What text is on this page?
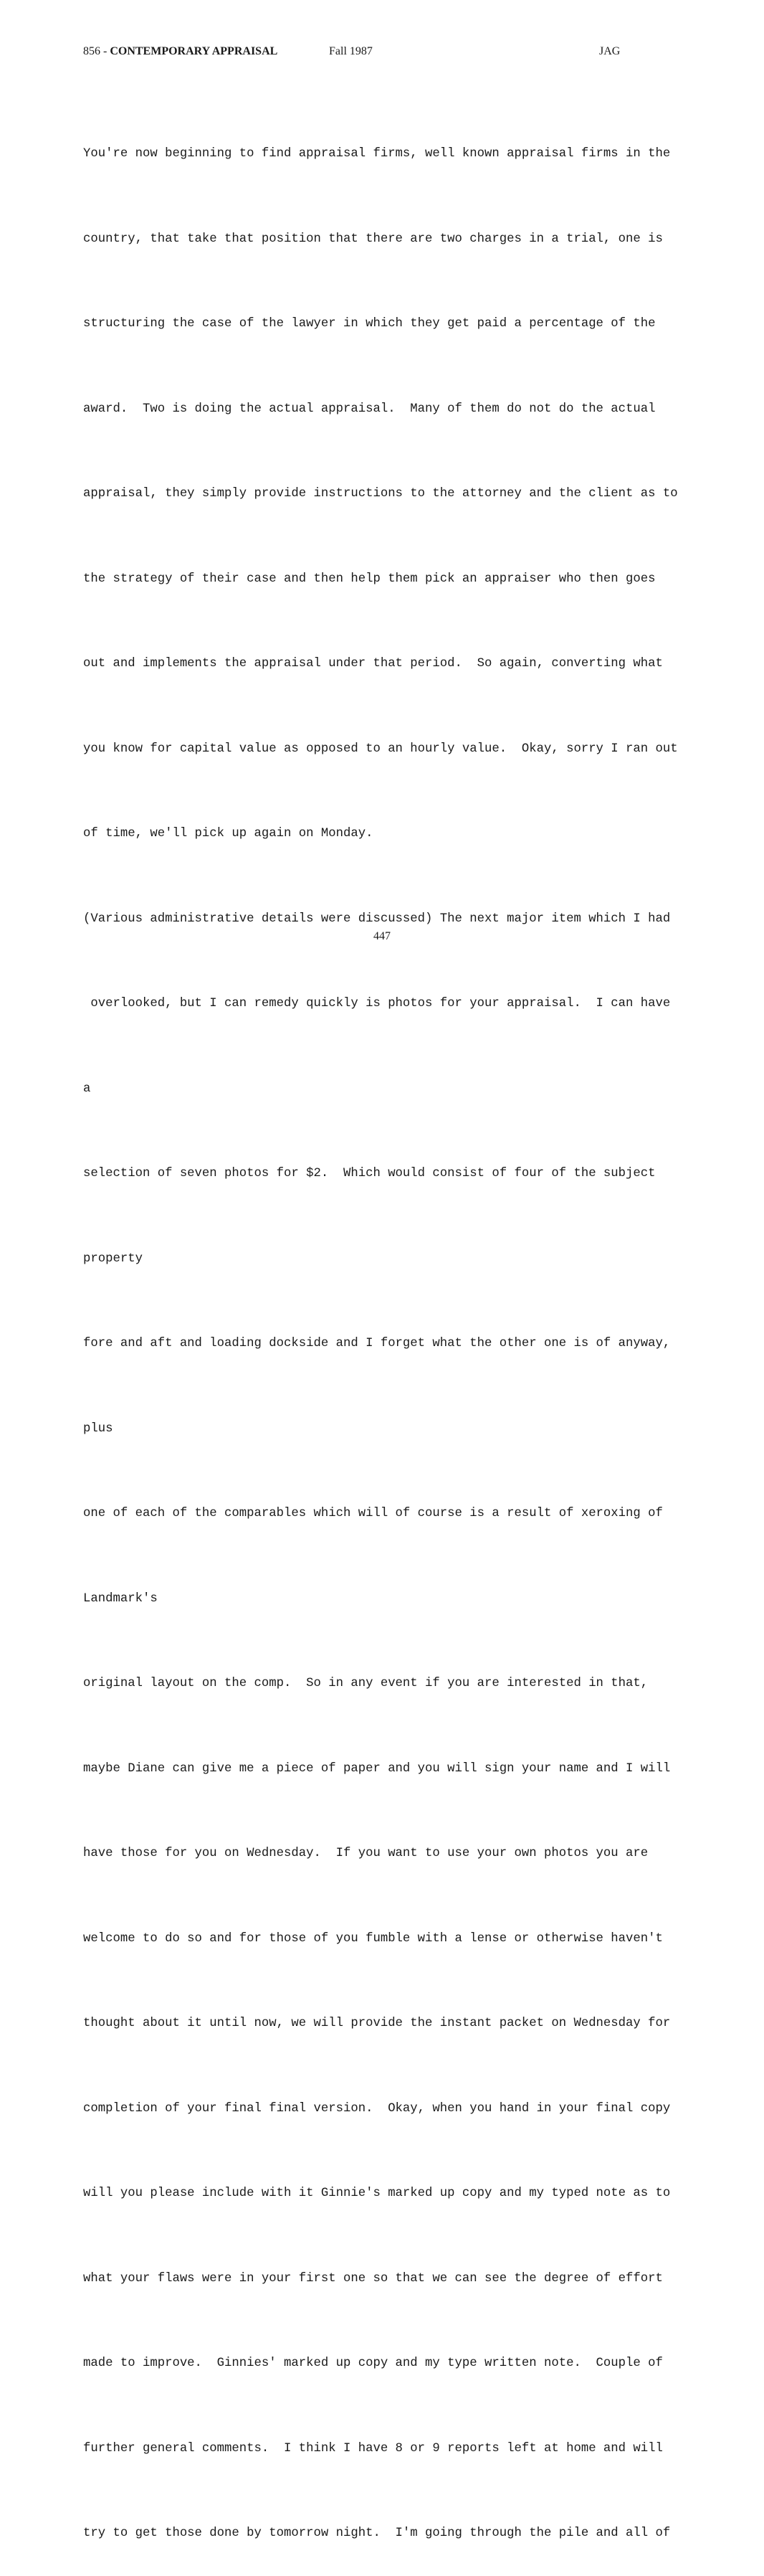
856 - CONTEMPORARY APPRAISAL	Fall 1987	JAG

You're now beginning to find appraisal firms, well known appraisal firms in the

country, that take that position that there are two charges in a trial, one is

structuring the case of the lawyer in which they get paid a percentage of the

award.  Two is doing the actual appraisal.  Many of them do not do the actual

appraisal, they simply provide instructions to the attorney and the client as to

the strategy of their case and then help them pick an appraiser who then goes

out and implements the appraisal under that period.  So again, converting what

you know for capital value as opposed to an hourly value.  Okay, sorry I ran out

of time, we'll pick up again on Monday.

(Various administrative details were discussed) The next major item which I had

overlooked, but I can remedy quickly is photos for your appraisal.  I can have

a

selection of seven photos for $2.  Which would consist of four of the subject

property

fore and aft and loading dockside and I forget what the other one is of anyway,

plus

one of each of the comparables which will of course is a result of xeroxing of

Landmark's

original layout on the comp.  So in any event if you are interested in that,

maybe Diane can give me a piece of paper and you will sign your name and I will

have those for you on Wednesday.  If you want to use your own photos you are

welcome to do so and for those of you fumble with a lense or otherwise haven't

thought about it until now, we will provide the instant packet on Wednesday for

completion of your final final version.  Okay, when you hand in your final copy

will you please include with it Ginnie's marked up copy and my typed note as to

what your flaws were in your first one so that we can see the degree of effort

made to improve.  Ginnies' marked up copy and my type written note.  Couple of

further general comments.  I think I have 8 or 9 reports left at home and will

try to get those done by tomorrow night.  I'm going through the pile and all of

447
